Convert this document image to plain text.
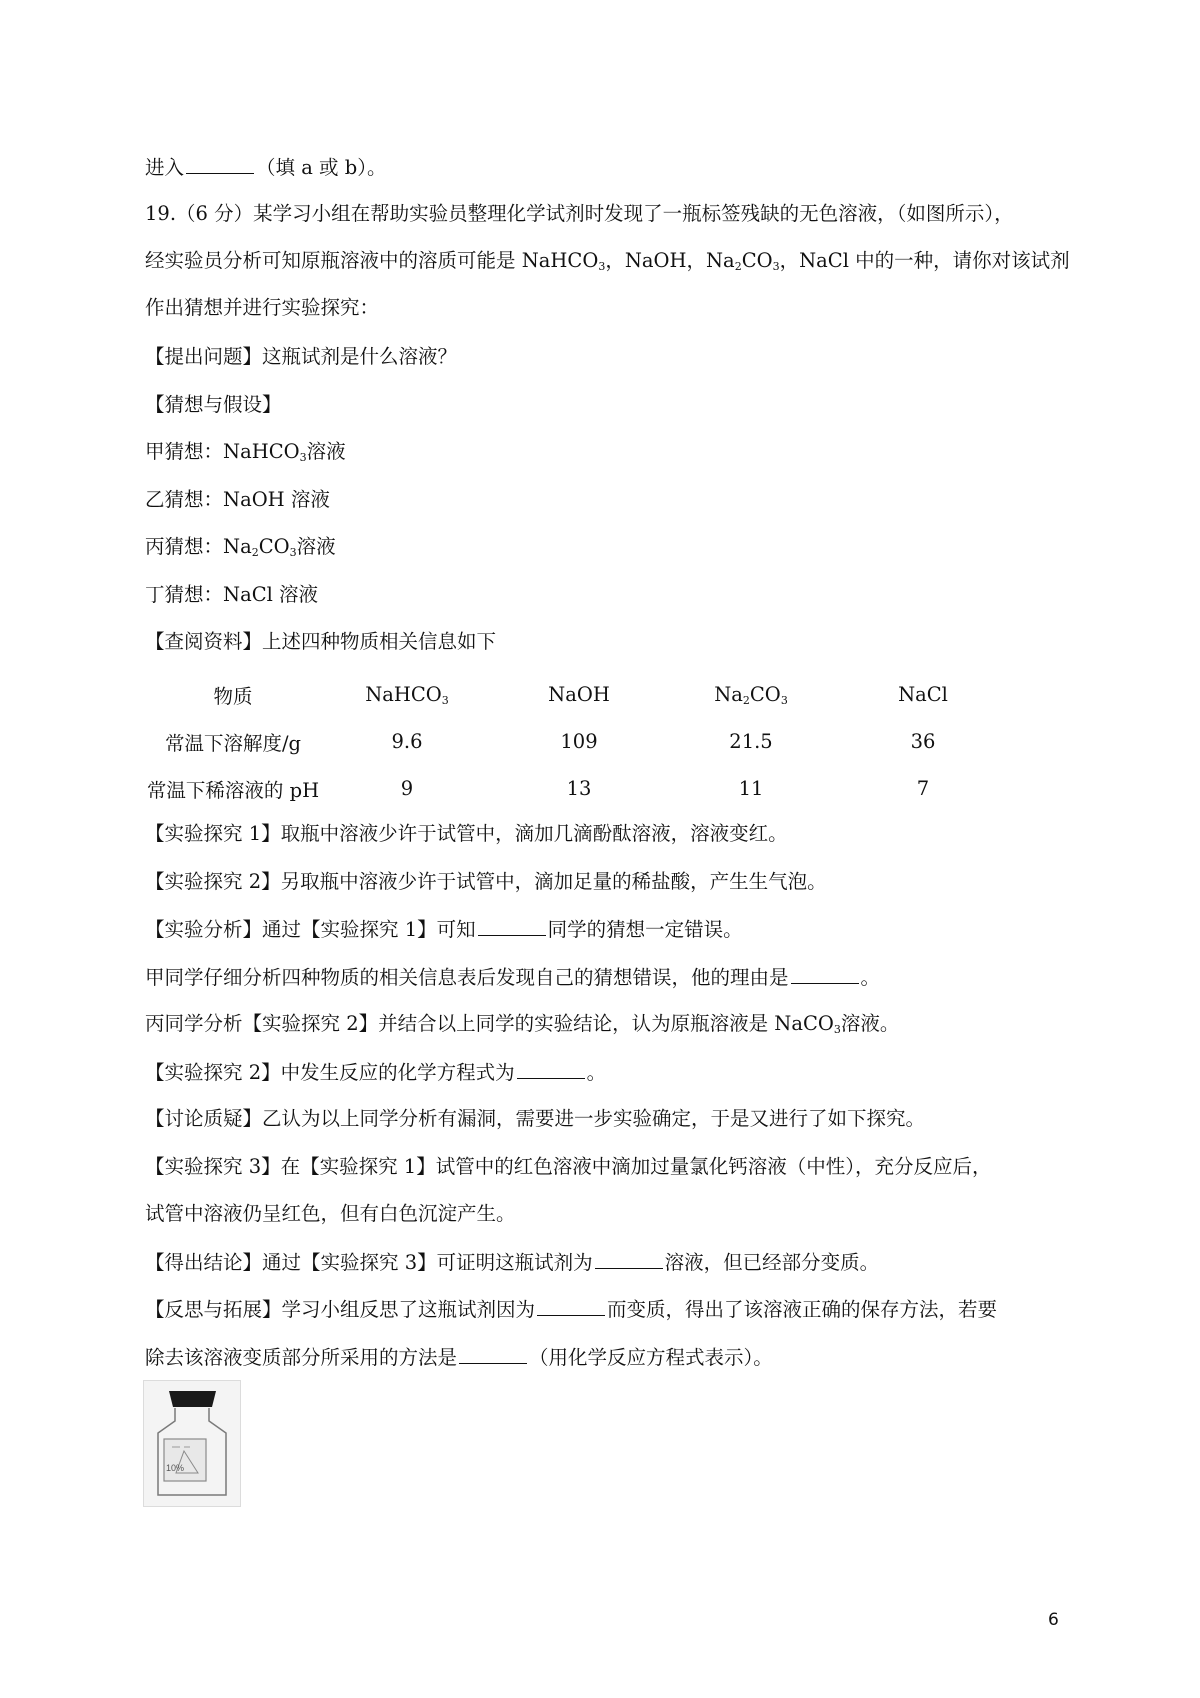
进入	（填 a 或 b）。
19.（6 分）某学习小组在帮助实验员整理化学试剂时发现了一瓶标签残缺的无色溶液，（如图所示），
经实验员分析可知原瓶溶液中的溶质可能是 NaHCO$_3$，NaOH，$Na_2CO_3$，NaCl 中的一种，请你对该试剂
作出猜想并进行实验探究：
【提出问题】这瓶试剂是什么溶液？
【猜想与假设】
甲猜想：NaHCO$_3$溶液
乙猜想：NaOH 溶液
丙猜想：$Na_2CO_3$溶液
丁猜想：NaCl 溶液
【查阅资料】上述四种物质相关信息如下
物质	NaHCO$_3$	NaOH	$Na_2CO_3$	NaCl
常温下溶解度/g	9.6	109	21.5	36
常温下稀溶液的 pH	9	13	11	7
【实验探究 1】取瓶中溶液少许于试管中，滴加几滴酚酞溶液，溶液变红。
【实验探究 2】另取瓶中溶液少许于试管中，滴加足量的稀盐酸，产生生气泡。
【实验分析】通过【实验探究 1】可知	同学的猜想一定错误。
甲同学仔细分析四种物质的相关信息表后发现自己的猜想错误，他的理由是	。
丙同学分析【实验探究 2】并结合以上同学的实验结论，认为原瓶溶液是 NaCO$_3$溶液。
【实验探究 2】中发生反应的化学方程式为	。
【讨论质疑】乙认为以上同学分析有漏洞，需要进一步实验确定，于是又进行了如下探究。
【实验探究 3】在【实验探究 1】试管中的红色溶液中滴加过量氯化钙溶液（中性），充分反应后，
试管中溶液仍呈红色，但有白色沉淀产生。
【得出结论】通过【实验探究 3】可证明这瓶试剂为	溶液，但已经部分变质。
【反思与拓展】学习小组反思了这瓶试剂因为	而变质，得出了该溶液正确的保存方法，若要
除去该溶液变质部分所采用的方法是	（用化学反应方程式表示）。
10%
6
